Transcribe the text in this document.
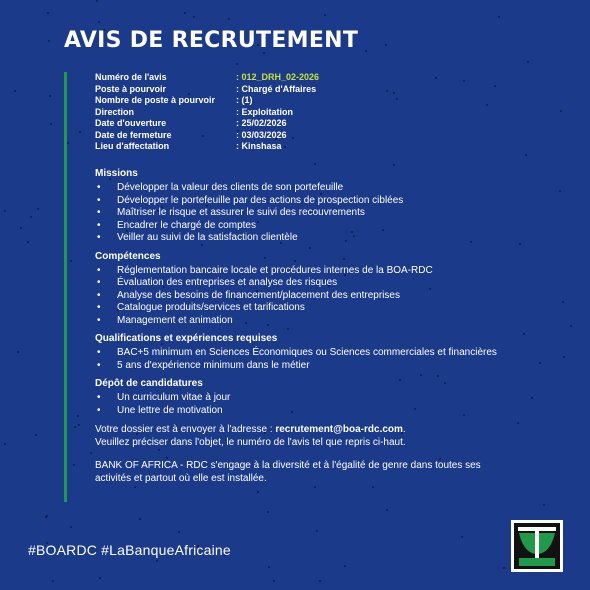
AVIS DE RECRUTEMENT
Numéro de l'avis	: 012_DRH_02-2026
Poste à pourvoir	: Chargé d'Affaires
Nombre de poste à pourvoir	: (1)
Direction	: Exploitation
Date d'ouverture	: 25/02/2026
Date de fermeture	: 03/03/2026
Lieu d'affectation	: Kinshasa
Missions
• Développer la valeur des clients de son portefeuille
• Développer le portefeuille par des actions de prospection ciblées
• Maîtriser le risque et assurer le suivi des recouvrements
• Encadrer le chargé de comptes
• Veiller au suivi de la satisfaction clientèle
Compétences
• Réglementation bancaire locale et procédures internes de la BOA-RDC
• Évaluation des entreprises et analyse des risques
• Analyse des besoins de financement/placement des entreprises
• Catalogue produits/services et tarifications
• Management et animation
Qualifications et expériences requises
• BAC+5 minimum en Sciences Économiques ou Sciences commerciales et financières
• 5 ans d'expérience minimum dans le métier
Dépôt de candidatures
• Un curriculum vitae à jour
• Une lettre de motivation
Votre dossier est à envoyer à l'adresse : recrutement@boa-rdc.com.
Veuillez préciser dans l'objet, le numéro de l'avis tel que repris ci-haut.
BANK OF AFRICA - RDC s'engage à la diversité et à l'égalité de genre dans toutes ses activités et partout où elle est installée.
#BOARDC #LaBanqueAfricaine
